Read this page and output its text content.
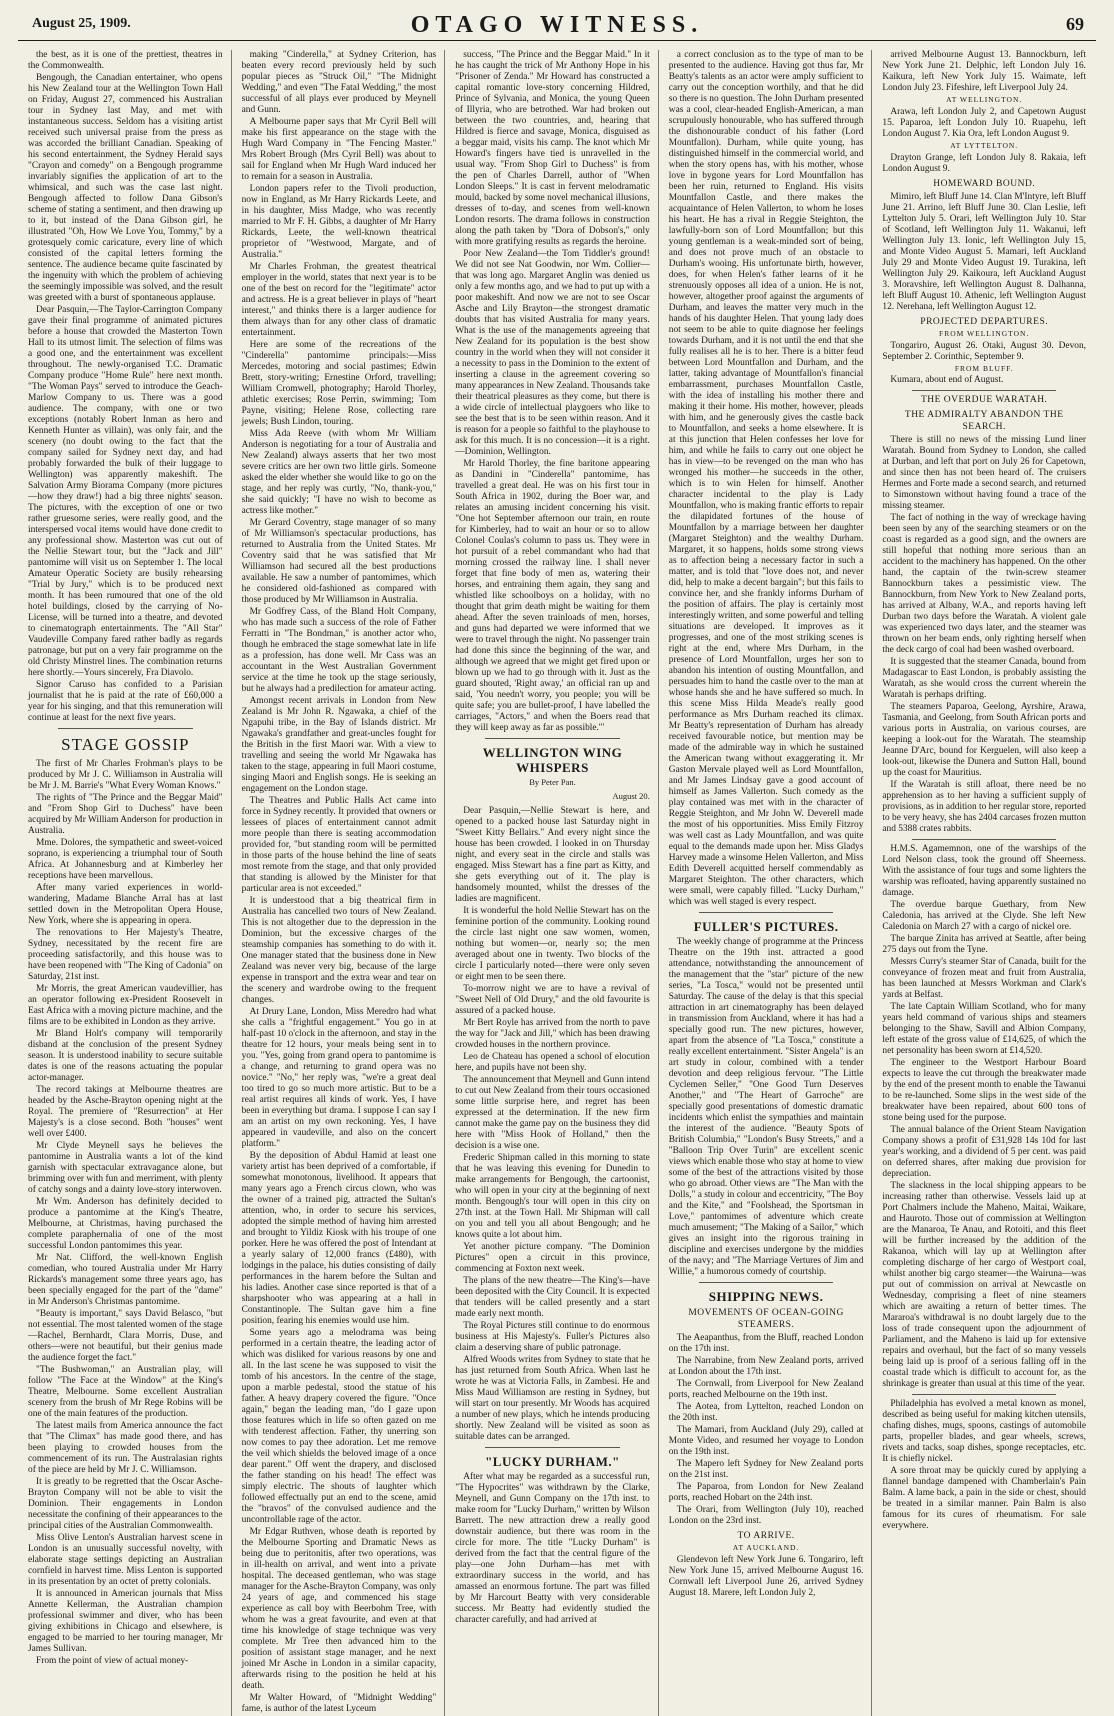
August 25, 1909.	OTAGO WITNESS.	69

the best, as it is one of the prettiest, theatres in the Commonwealth.

Bengough, the Canadian entertainer, who opens his New Zealand tour at the Wellington Town Hall on Friday, August 27, commenced his Australian tour in Sydney last May, and met with instantaneous success. Seldom has a visiting artist received such universal praise from the press as was accorded the brilliant Canadian. Speaking of his second entertainment, the Sydney Herald says "Crayon and comedy" on a Bengough programme invariably signifies the application of art to the whimsical, and such was the case last night. Bengough affected to follow Dana Gibson's scheme of stating a sentiment, and then drawing up to it, but instead of the Dana Gibson girl, he illustrated "Oh, How We Love You, Tommy," by a grotesquely comic caricature, every line of which consisted of the capital letters forming the sentence. The audience became quite fascinated by the ingenuity with which the problem of achieving the seemingly impossible was solved, and the result was greeted with a burst of spontaneous applause.

Dear Pasquin,—The Taylor-Carrington Company gave their final programme of animated pictures before a house that crowded the Masterton Town Hall to its utmost limit. The selection of films was a good one, and the entertainment was excellent throughout. The newly-organised T.C. Dramatic Company produce "Home Rule" here next month. "The Woman Pays" served to introduce the Geach-Marlow Company to us. There was a good audience. The company, with one or two exceptions (notably Robert Inman as hero and Kenneth Hunter as villain), was only fair, and the scenery (no doubt owing to the fact that the company sailed for Sydney next day, and had probably forwarded the bulk of their luggage to Wellington) was apparently makeshift. The Salvation Army Biorama Company (more pictures—how they draw!) had a big three nights' season. The pictures, with the exception of one or two rather gruesome series, were really good, and the interspersed vocal items would have done credit to any professional show. Masterton was cut out of the Nellie Stewart tour, but the "Jack and Jill" pantomime will visit us on September 1. The local Amateur Operatic Society are busily rehearsing "Trial by Jury," which is to be produced next month. It has been rumoured that one of the old hotel buildings, closed by the carrying of No-License, will be turned into a theatre, and devoted to cinematograph entertainments. The "All Star" Vaudeville Company fared rather badly as regards patronage, but put on a very fair programme on the old Christy Minstrel lines. The combination returns here shortly.—Yours sincerely, Fra Diavolo.

Signor Caruso has confided to a Parisian journalist that he is paid at the rate of £60,000 a year for his singing, and that this remuneration will continue at least for the next five years.

STAGE GOSSIP

The first of Mr Charles Frohman's plays to be produced by Mr J. C. Williamson in Australia will be Mr J. M. Barrie's "What Every Woman Knows."

The rights of "The Prince and the Beggar Maid" and "From Shop Girl to Duchess" have been acquired by Mr William Anderson for production in Australia.

Mme. Dolores, the sympathetic and sweet-voiced soprano, is experiencing a triumphal tour of South Africa. At Johannesburg and at Kimberley her receptions have been marvellous.

After many varied experiences in world-wandering, Madame Blanche Arral has at last settled down in the Metropolitan Opera House, New York, where she is appearing in opera.

The renovations to Her Majesty's Theatre, Sydney, necessitated by the recent fire are proceeding satisfactorily, and this house was to have been reopened with "The King of Cadonia" on Saturday, 21st inst.

Mr Morris, the great American vaudevillier, has an operator following ex-President Roosevelt in East Africa with a moving picture machine, and the films are to be exhibited in London as they arrive.

Mr Bland Holt's company will temporarily disband at the conclusion of the present Sydney season. It is understood inability to secure suitable dates is one of the reasons actuating the popular actor-manager.

The record takings at Melbourne theatres are headed by the Asche-Brayton opening night at the Royal. The premiere of "Resurrection" at Her Majesty's is a close second. Both "houses" went well over £400.

Mr Clyde Meynell says he believes the pantomime in Australia wants a lot of the kind garnish with spectacular extravagance alone, but brimming over with fun and merriment, with plenty of catchy songs and a dainty love-story interwoven.

Mr Wm. Anderson has definitely decided to produce a pantomime at the King's Theatre, Melbourne, at Christmas, having purchased the complete paraphernalia of one of the most successful London pantomimes this year.

Mr Nat. Clifford, the well-known English comedian, who toured Australia under Mr Harry Rickards's management some three years ago, has been specially engaged for the part of the "dame" in Mr Anderson's Christmas pantomime.

"Beauty is important," says David Belasco, "but not essential. The most talented women of the stage—Rachel, Bernhardt, Clara Morris, Duse, and others—were not beautiful, but their genius made the audience forget the fact."

"The Bushwoman," an Australian play, will follow "The Face at the Window" at the King's Theatre, Melbourne. Some excellent Australian scenery from the brush of Mr Rege Robins will be one of the main features of the production.

The latest mails from America announce the fact that "The Climax" has made good there, and has been playing to crowded houses from the commencement of its run. The Australasian rights of the piece are held by Mr J. C. Williamson.

It is greatly to be regretted that the Oscar Asche-Brayton Company will not be able to visit the Dominion. Their engagements in London necessitate the confining of their appearances to the principal cities of the Australian Commonwealth.

Miss Olive Lenton's Australian harvest scene in London is an unusually successful novelty, with elaborate stage settings depicting an Australian cornfield in harvest time. Miss Lenton is supported in its presentation by an octet of pretty colonials.

It is announced in American journals that Miss Annette Kellerman, the Australian champion professional swimmer and diver, who has been giving exhibitions in Chicago and elsewhere, is engaged to be married to her touring manager, Mr James Sullivan.

From the point of view of actual money-

making "Cinderella," at Sydney Criterion, has beaten every record previously held by such popular pieces as "Struck Oil," "The Midnight Wedding," and even "The Fatal Wedding," the most successful of all plays ever produced by Meynell and Gunn.

A Melbourne paper says that Mr Cyril Bell will make his first appearance on the stage with the Hugh Ward Company in "The Fencing Master." Mrs Robert Brough (Mrs Cyril Bell) was about to sail for England when Mr Hugh Ward induced her to remain for a season in Australia.

London papers refer to the Tivoli production, now in England, as Mr Harry Rickards Leete, and in his daughter, Miss Madge, who was recently married to Mr F. H. Gibbs, a daughter of Mr Harry Rickards, Leete, the well-known theatrical proprietor of "Westwood, Margate, and of Australia."

Mr Charles Frohman, the greatest theatrical employer in the world, states that next year is to be one of the best on record for the "legitimate" actor and actress. He is a great believer in plays of "heart interest," and thinks there is a larger audience for them always than for any other class of dramatic entertainment.

Here are some of the recreations of the "Cinderella" pantomime principals:—Miss Mercedes, motoring and social pastimes; Edwin Brett, story-writing; Ernestine Orford, travelling; William Cromwell, photography; Harold Thorley, athletic exercises; Rose Perrin, swimming; Tom Payne, visiting; Helene Rose, collecting rare jewels; Bush Lindon, touring.

Miss Ada Reeve (with whom Mr William Anderson is negotiating for a tour of Australia and New Zealand) always asserts that her two most severe critics are her own two little girls. Someone asked the elder whether she would like to go on the stage, and her reply was curtly, "No, thank-you," she said quickly; "I have no wish to become as actress like mother."

Mr Gerard Coventry, stage manager of so many of Mr Williamson's spectacular productions, has returned to Australia from the United States. Mr Coventry said that he was satisfied that Mr Williamson had secured all the best productions available. He saw a number of pantomimes, which he considered old-fashioned as compared with those produced by Mr Williamson in Australia.

Mr Godfrey Cass, of the Bland Holt Company, who has made such a success of the role of Father Ferratti in "The Bondman," is another actor who, though he embraced the stage somewhat late in life as a profession, has done well. Mr Cass was an accountant in the West Australian Government service at the time he took up the stage seriously, but he always had a predilection for amateur acting.

Amongst recent arrivals in London from New Zealand is Mr John R. Ngawaka, a chief of the Ngapuhi tribe, in the Bay of Islands district. Mr Ngawaka's grandfather and great-uncles fought for the British in the first Maori war. With a view to travelling and seeing the world Mr Ngawaka has taken to the stage, appearing in full Maori costume, singing Maori and English songs. He is seeking an engagement on the London stage.

The Theatres and Public Halls Act came into force in Sydney recently. It provided that owners or lessees of places of entertainment cannot admit more people than there is seating accommodation provided for, "but standing room will be permitted in those parts of the house behind the line of seats most remote from the stage, and that only provided that standing is allowed by the Minister for that particular area is not exceeded."

It is understood that a big theatrical firm in Australia has cancelled two tours of New Zealand. This is not altogether due to the depression in the Dominion, but the excessive charges of the steamship companies has something to do with it. One manager stated that the business done in New Zealand was never very big, because of the large expense in transport and the extra wear and tear on the scenery and wardrobe owing to the frequent changes.

At Drury Lane, London, Miss Meredro had what she calls a "frightful engagement." You go in at half-past 10 o'clock in the afternoon, and stay in the theatre for 12 hours, your meals being sent in to you. "Yes, going from grand opera to pantomime is a change, and returning to grand opera was no novice." "No," her reply was, "we're a great deal too tired to go so much more artistic. But to be a real artist requires all kinds of work. Yes, I have been in everything but drama. I suppose I can say I am an artist on my own reckoning. Yes, I have appeared in vaudeville, and also on the concert platform."

By the deposition of Abdul Hamid at least one variety artist has been deprived of a comfortable, if somewhat monotonous, livelihood. It appears that many years ago a French circus clown, who was the owner of a trained pig, attracted the Sultan's attention, who, in order to secure his services, adopted the simple method of having him arrested and brought to Yildiz Kiosk with his troupe of one porker. Here he was offered the post of Intendant at a yearly salary of 12,000 francs (£480), with lodgings in the palace, his duties consisting of daily performances in the harem before the Sultan and his ladies. Another case since reported is that of a sharpshooter who was appearing at a hall in Constantinople. The Sultan gave him a fine position, fearing his enemies would use him.

Some years ago a melodrama was being performed in a certain theatre, the leading actor of which was disliked for various reasons by one and all. In the last scene he was supposed to visit the tomb of his ancestors. In the centre of the stage, upon a marble pedestal, stood the statue of his father. A heavy drapery covered the figure. "Once again," began the leading man, "do I gaze upon those features which in life so often gazed on me with tenderest affection. Father, thy unerring son now comes to pay thee adoration. Let me remove the veil which shields the beloved image of a once dear parent." Off went the drapery, and disclosed the father standing on his head! The effect was simply electric. The shouts of laughter which followed effectually put an end to the scene, amid the "bravos" of the convulsed audience and the uncontrollable rage of the actor.

Mr Edgar Ruthven, whose death is reported by the Melbourne Sporting and Dramatic News as being due to peritonitis, after two operations, was in ill-health on arrival, and went into a private hospital. The deceased gentleman, who was stage manager for the Asche-Brayton Company, was only 24 years of age, and commenced his stage experience as call boy with Beerbohm Tree, with whom he was a great favourite, and even at that time his knowledge of stage technique was very complete. Mr Tree then advanced him to the position of assistant stage manager, and he next joined Mr Asche in London in a similar capacity, afterwards rising to the position he held at his death.

Mr Walter Howard, of "Midnight Wedding" fame, is author of the latest Lyceum

success, "The Prince and the Beggar Maid." In it he has caught the trick of Mr Anthony Hope in his "Prisoner of Zenda." Mr Howard has constructed a capital romantic love-story concerning Hildred, Prince of Sylvania, and Monica, the young Queen of Illyria, who are betrothed. War had broken out between the two countries, and, hearing that Hildred is fierce and savage, Monica, disguised as a beggar maid, visits his camp. The knot which Mr Howard's fingers have tied is unravelled in the usual way. "From Shop Girl to Duchess" is from the pen of Charles Darrell, author of "When London Sleeps." It is cast in fervent melodramatic mould, backed by some novel mechanical illusions, dresses of to-day, and scenes from well-known London resorts. The drama follows in construction along the path taken by "Dora of Dobson's," only with more gratifying results as regards the heroine.

Poor New Zealand—the Tom Tiddler's ground! We did not see Nat Goodwin, nor Wm. Collier—that was long ago. Margaret Anglin was denied us only a few months ago, and we had to put up with a poor makeshift. And now we are not to see Oscar Asche and Lily Brayton—the strongest dramatic doubts that has visited Australia for many years. What is the use of the managements agreeing that New Zealand for its population is the best show country in the world when they will not consider it a necessity to pass in the Dominion to the extent of inserting a clause in the agreement covering so many appearances in New Zealand. Thousands take their theatrical pleasures as they come, but there is a wide circle of intellectual playgoers who like to see the best that is to be seen within reason. And it is reason for a people so faithful to the playhouse to ask for this much. It is no concession—it is a right.—Dominion, Wellington.

Mr Harold Thorley, the fine baritone appearing as Dandini in "Cinderella" pantomime, has travelled a great deal. He was on his first tour in South Africa in 1902, during the Boer war, and relates an amusing incident concerning his visit. "One hot September afternoon our train, en route for Kimberley, had to wait an hour or so to allow Colonel Coulas's column to pass us. They were in hot pursuit of a rebel commandant who had that morning crossed the railway line. I shall never forget that fine body of men as, watering their horses, and entraining them again, they sang and whistled like schoolboys on a holiday, with no thought that grim death might be waiting for them ahead. After the seven trainloads of men, horses, and guns had departed we were informed that we were to travel through the night. No passenger train had done this since the beginning of the war, and although we agreed that we might get fired upon or blown up we had to go through with it. Just as the guard shouted, 'Right away,' an official ran up and said, 'You needn't worry, you people; you will be quite safe; you are bullet-proof, I have labelled the carriages, "Actors," and when the Boers read that they will keep away as far as possible.'"

WELLINGTON WING WHISPERS
By Peter Pan.
August 20.

Dear Pasquin,—Nellie Stewart is here, and opened to a packed house last Saturday night in "Sweet Kitty Bellairs." And every night since the house has been crowded. I looked in on Thursday night, and every seat in the circle and stalls was engaged. Miss Stewart has a fine part as Kitty, and she gets everything out of it. The play is handsomely mounted, whilst the dresses of the ladies are magnificent.

It is wonderful the hold Nellie Stewart has on the feminine portion of the community. Looking round the circle last night one saw women, women, nothing but women—or, nearly so; the men averaged about one in twenty. Two blocks of the circle I particularly noted—there were only seven or eight men to be seen there.

To-morrow night we are to have a revival of "Sweet Nell of Old Drury," and the old favourite is assured of a packed house.

Mr Bert Royle has arrived from the north to pave the way for "Jack and Jill," which has been drawing crowded houses in the northern province.

Leo de Chateau has opened a school of elocution here, and pupils have not been shy.

The announcement that Meynell and Gunn intend to cut out New Zealand from their tours occasioned some little surprise here, and regret has been expressed at the determination. If the new firm cannot make the game pay on the business they did here with "Miss Hook of Holland," then the decision is a wise one.

Frederic Shipman called in this morning to state that he was leaving this evening for Dunedin to make arrangements for Bengough, the cartoonist, who will open in your city at the beginning of next month. Bengough's tour will open in this city on 27th inst. at the Town Hall. Mr Shipman will call on you and tell you all about Bengough; and he knows quite a lot about him.

Yet another picture company. "The Dominion Pictures" open a circuit in this province, commencing at Foxton next week.

The plans of the new theatre—The King's—have been deposited with the City Council. It is expected that tenders will be called presently and a start made early next month.

The Royal Pictures still continue to do enormous business at His Majesty's. Fuller's Pictures also claim a deserving share of public patronage.

Alfred Woods writes from Sydney to state that he has just returned from South Africa. When last he wrote he was at Victoria Falls, in Zambesi. He and Miss Maud Williamson are resting in Sydney, but will start on tour presently. Mr Woods has acquired a number of new plays, which he intends producing shortly. New Zealand will be visited as soon as suitable dates can be arranged.

"LUCKY DURHAM."

After what may be regarded as a successful run, "The Hypocrites" was withdrawn by the Clarke, Meynell, and Gunn Company on the 17th inst. to make room for "Lucky Durham," written by Wilson Barrett. The new attraction drew a really good downstair audience, but there was room in the circle for more. The title "Lucky Durham" is derived from the fact that the central figure of the play—one John Durham—has met with extraordinary success in the world, and has amassed an enormous fortune. The part was filled by Mr Harcourt Beatty with very considerable success. Mr Beatty had evidently studied the character carefully, and had arrived at

a correct conclusion as to the type of man to be presented to the audience. Having got thus far, Mr Beatty's talents as an actor were amply sufficient to carry out the conception worthily, and that he did so there is no question. The John Durham presented was a cool, clear-headed English-American, a man scrupulously honourable, who has suffered through the dishonourable conduct of his father (Lord Mountfallon). Durham, while quite young, has distinguished himself in the commercial world, and when the story opens has, with his mother, whose love in bygone years for Lord Mountfallon has been her ruin, returned to England. His visits Mountfallon Castle, and there makes the acquaintance of Helen Vallerton, to whom he loses his heart. He has a rival in Reggie Steighton, the lawfully-born son of Lord Mountfallon; but this young gentleman is a weak-minded sort of being, and does not prove much of an obstacle to Durham's wooing. His unfortunate birth, however, does, for when Helen's father learns of it he strenuously opposes all idea of a union. He is not, however, altogether proof against the arguments of Durham, and leaves the matter very much in the hands of his daughter Helen. That young lady does not seem to be able to quite diagnose her feelings towards Durham, and it is not until the end that she fully realises all he is to her. There is a bitter feud between Lord Mountfallon and Durham, and the latter, taking advantage of Mountfallon's financial embarrassment, purchases Mountfallon Castle, with the idea of installing his mother there and making it their home. His mother, however, pleads with him, and he generously gives the castle back to Mountfallon, and seeks a home elsewhere. It is at this junction that Helen confesses her love for him, and while he fails to carry out one object he has in view—to be revenged on the man who has wronged his mother—he succeeds in the other, which is to win Helen for himself. Another character incidental to the play is Lady Mountfallon, who is making frantic efforts to repair the dilapidated fortunes of the house of Mountfallon by a marriage between her daughter (Margaret Steighton) and the wealthy Durham. Margaret, it so happens, holds some strong views as to affection being a necessary factor in such a matter, and is told that "love does not, and never did, help to make a decent bargain"; but this fails to convince her, and she frankly informs Durham of the position of affairs. The play is certainly most interestingly written, and some powerful and telling situations are developed. It improves as it progresses, and one of the most striking scenes is right at the end, where Mrs Durham, in the presence of Lord Mountfallon, urges her son to abandon his intention of ousting Mountfallon, and persuades him to hand the castle over to the man at whose hands she and he have suffered so much. In this scene Miss Hilda Meade's really good performance as Mrs Durham reached its climax. Mr Beatty's representation of Durham has already received favourable notice, but mention may be made of the admirable way in which he sustained the American twang without exaggerating it. Mr Gaston Mervale played well as Lord Mountfallon, and Mr James Lindsay gave a good account of himself as James Vallerton. Such comedy as the play contained was met with in the character of Reggie Steighton, and Mr John W. Deverell made the most of his opportunities. Miss Emily Fitzroy was well cast as Lady Mountfallon, and was quite equal to the demands made upon her. Miss Gladys Harvey made a winsome Helen Vallerton, and Miss Edith Deverell acquitted herself commendably as Margaret Steighton. The other characters, which were small, were capably filled. "Lucky Durham," which was well staged is every respect.

FULLER'S PICTURES.

The weekly change of programme at the Princess Theatre on the 19th inst. attracted a good attendance, notwithstanding the announcement of the management that the "star" picture of the new series, "La Tosca," would not be presented until Saturday. The cause of the delay is that this special attraction in art cinematography has been delayed in transmission from Auckland, where it has had a specially good run. The new pictures, however, apart from the absence of "La Tosca," constitute a really excellent entertainment. "Sister Angela" is an art study in colour, combined with a tender devotion and deep religious fervour. "The Little Cyclemen Seller," "One Good Turn Deserves Another," and "The Heart of Garroche" are specially good presentations of domestic dramatic incidents which enlist the sympathies and maintain the interest of the audience. "Beauty Spots of British Columbia," "London's Busy Streets," and a "Balloon Trip Over Turin" are excellent scenic views which enable those who stay at home to view some of the best of the attractions visited by those who go abroad. Other views are "The Man with the Dolls," a study in colour and eccentricity, "The Boy and the Kite," and "Foolshead, the Sportsman in Love," pantomimes of adventure which create much amusement; "The Making of a Sailor," which gives an insight into the rigorous training in discipline and exercises undergone by the middies of the navy; and "The Marriage Vertures of Jim and Willie," a humorous comedy of courtship.

SHIPPING NEWS.
MOVEMENTS OF OCEAN-GOING STEAMERS.

The Aeapanthus, from the Bluff, reached London on the 17th inst.

The Narrabine, from New Zealand ports, arrived at London about the 17th inst.

The Cornwall, from Liverpool for New Zealand ports, reached Melbourne on the 19th inst.

The Aotea, from Lyttelton, reached London on the 20th inst.

The Mamari, from Auckland (July 29), called at Monte Video, and resumed her voyage to London on the 19th inst.

The Mapero left Sydney for New Zealand ports on the 21st inst.

The Paparoa, from London for New Zealand ports, reached Hobart on the 24th inst.

The Orari, from Wellington (July 10), reached London on the 23rd inst.

TO ARRIVE.
AT AUCKLAND.

Glendevon left New York June 6. Tongariro, left New York June 15, arrived Melbourne August 16. Cornwall left Liverpool June 26, arrived Sydney August 18. Marere, left London July 2,

arrived Melbourne August 13. Bannockburn, left New York June 21. Delphic, left London July 16. Kaikura, left New York July 15. Waimate, left London July 23. Fifeshire, left Liverpool July 24.

AT WELLINGTON.

Arawa, left London July 2, and Capetown August 15. Paparoa, left London July 10. Ruapehu, left London August 7. Kia Ora, left London August 9.

AT LYTTELTON.

Drayton Grange, left London July 8. Rakaia, left London August 9.

HOMEWARD BOUND.

Mimiro, left Bluff June 14. Clan M'Intyre, left Bluff June 21. Arrino, left Bluff June 30. Clan Leslie, left Lyttelton July 5. Orari, left Wellington July 10. Star of Scotland, left Wellington July 11. Wakanui, left Wellington July 13. Ionic, left Wellington July 15, and Monte Video August 5. Mamari, left Auckland July 29 and Monte Video August 19. Turakina, left Wellington July 29. Kaikoura, left Auckland August 3. Moravshire, left Wellington August 8. Dalhanna, left Bluff August 10. Athenic, left Wellington August 12. Nerehana, left Wellington August 12.

PROJECTED DEPARTURES.
FROM WELLINGTON.

Tongariro, August 26. Otaki, August 30. Devon, September 2. Corinthic, September 9.

FROM BLUFF.

Kumara, about end of August.

THE OVERDUE WARATAH.
THE ADMIRALTY ABANDON THE SEARCH.

There is still no news of the missing Lund liner Waratah. Bound from Sydney to London, she called at Durban, and left that port on July 26 for Capetown, and since then has not been heard of. The cruisers Hermes and Forte made a second search, and returned to Simonstown without having found a trace of the missing steamer.

The fact of nothing in the way of wreckage having been seen by any of the searching steamers or on the coast is regarded as a good sign, and the owners are still hopeful that nothing more serious than an accident to the machinery has happened. On the other hand, the captain of the twin-screw steamer Bannockburn takes a pessimistic view. The Bannockburn, from New York to New Zealand ports, has arrived at Albany, W.A., and reports having left Durban two days before the Waratah. A violent gale was experienced two days later, and the steamer was thrown on her beam ends, only righting herself when the deck cargo of coal had been washed overboard.

It is suggested that the steamer Canada, bound from Madagascar to East London, is probably assisting the Waratah, as she would cross the current wherein the Waratah is perhaps drifting.

The steamers Paparoa, Geelong, Ayrshire, Arawa, Tasmania, and Geelong, from South African ports and various ports in Australia, on various courses, are keeping a look-out for the Waratah. The steamship Jeanne D'Arc, bound for Kerguelen, will also keep a look-out, likewise the Dunera and Sutton Hall, bound up the coast for Mauritius.

If the Waratah is still afloat, there need be no apprehension as to her having a sufficient supply of provisions, as in addition to her regular store, reported to be very heavy, she has 2404 carcases frozen mutton and 5388 crates rabbits.

H.M.S. Agamemnon, one of the warships of the Lord Nelson class, took the ground off Sheerness. With the assistance of four tugs and some lighters the warship was refloated, having apparently sustained no damage.

The overdue barque Guethary, from New Caledonia, has arrived at the Clyde. She left New Caledonia on March 27 with a cargo of nickel ore.

The barque Zinita has arrived at Seattle, after being 275 days out from the Tyne.

Messrs Curry's steamer Star of Canada, built for the conveyance of frozen meat and fruit from Australia, has been launched at Messrs Workman and Clark's yards at Belfast.

The late Captain William Scotland, who for many years held command of various ships and steamers belonging to the Shaw, Savill and Albion Company, left estate of the gross value of £14,625, of which the net personality has been sworn at £14,520.

The engineer to the Westport Harbour Board expects to leave the cut through the breakwater made by the end of the present month to enable the Tawanui to be re-launched. Some slips in the west side of the breakwater have been repaired, about 600 tons of stone being used for the purpose.

The annual balance of the Orient Steam Navigation Company shows a profit of £31,928 14s 10d for last year's working, and a dividend of 5 per cent. was paid on deferred shares, after making due provision for depreciation.

The slackness in the local shipping appears to be increasing rather than otherwise. Vessels laid up at Port Chalmers include the Maheno, Maitai, Waikare, and Hauroto. Those out of commission at Wellington are the Manaroa, Te Anau, and Rotoiti, and this fleet will be further increased by the addition of the Rakanoa, which will lay up at Wellington after completing discharge of her cargo of Westport coal, whilst another big cargo steamer—the Wairuna—was put out of commission on arrival at Newcastle on Wednesday, comprising a fleet of nine steamers which are awaiting a return of better times. The Mararoa's withdrawal is no doubt largely due to the loss of trade consequent upon the adjournment of Parliament, and the Maheno is laid up for extensive repairs and overhaul, but the fact of so many vessels being laid up is proof of a serious falling off in the coastal trade which is difficult to account for, as the shrinkage is greater than usual at this time of the year.

Philadelphia has evolved a metal known as monel, described as being useful for making kitchen utensils, chafing dishes, mugs, spoons, castings of automobile parts, propeller blades, and gear wheels, screws, rivets and tacks, soap dishes, sponge receptacles, etc. It is chiefly nickel.

A sore throat may be quickly cured by applying a flannel bandage dampened with Chamberlain's Pain Balm. A lame back, a pain in the side or chest, should be treated in a similar manner. Pain Balm is also famous for its cures of rheumatism. For sale everywhere.
